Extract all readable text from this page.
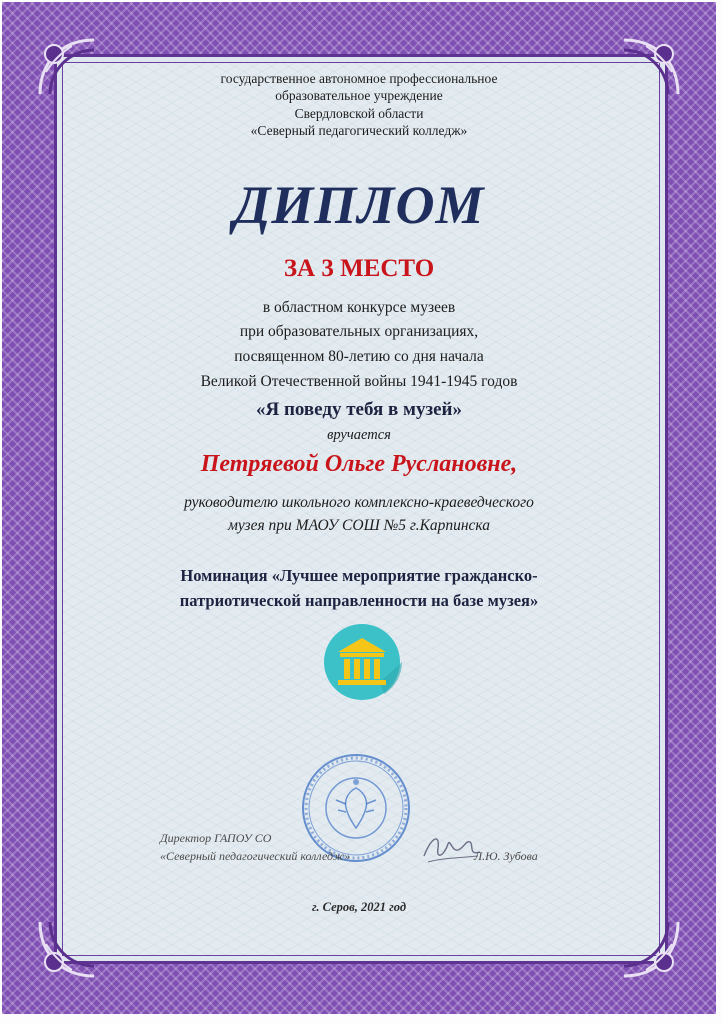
государственное автономное профессиональное
образовательное учреждение
Свердловской области
«Северный педагогический колледж»
ДИПЛОМ
ЗА 3 МЕСТО
в областном конкурсе музеев
при образовательных организациях,
посвященном 80-летию со дня начала
Великой Отечественной войны 1941-1945 годов
«Я поведу тебя в музей»
вручается
Петряевой Ольге Руслановне,
руководителю школьного комплексно-краеведческого
музея при МАОУ СОШ №5 г.Карпинска
Номинация «Лучшее мероприятие гражданско-
патриотической направленности на базе музея»
Директор ГАПОУ СО
«Северный педагогический колледж»	Л.Ю. Зубова
г. Серов, 2021 год
